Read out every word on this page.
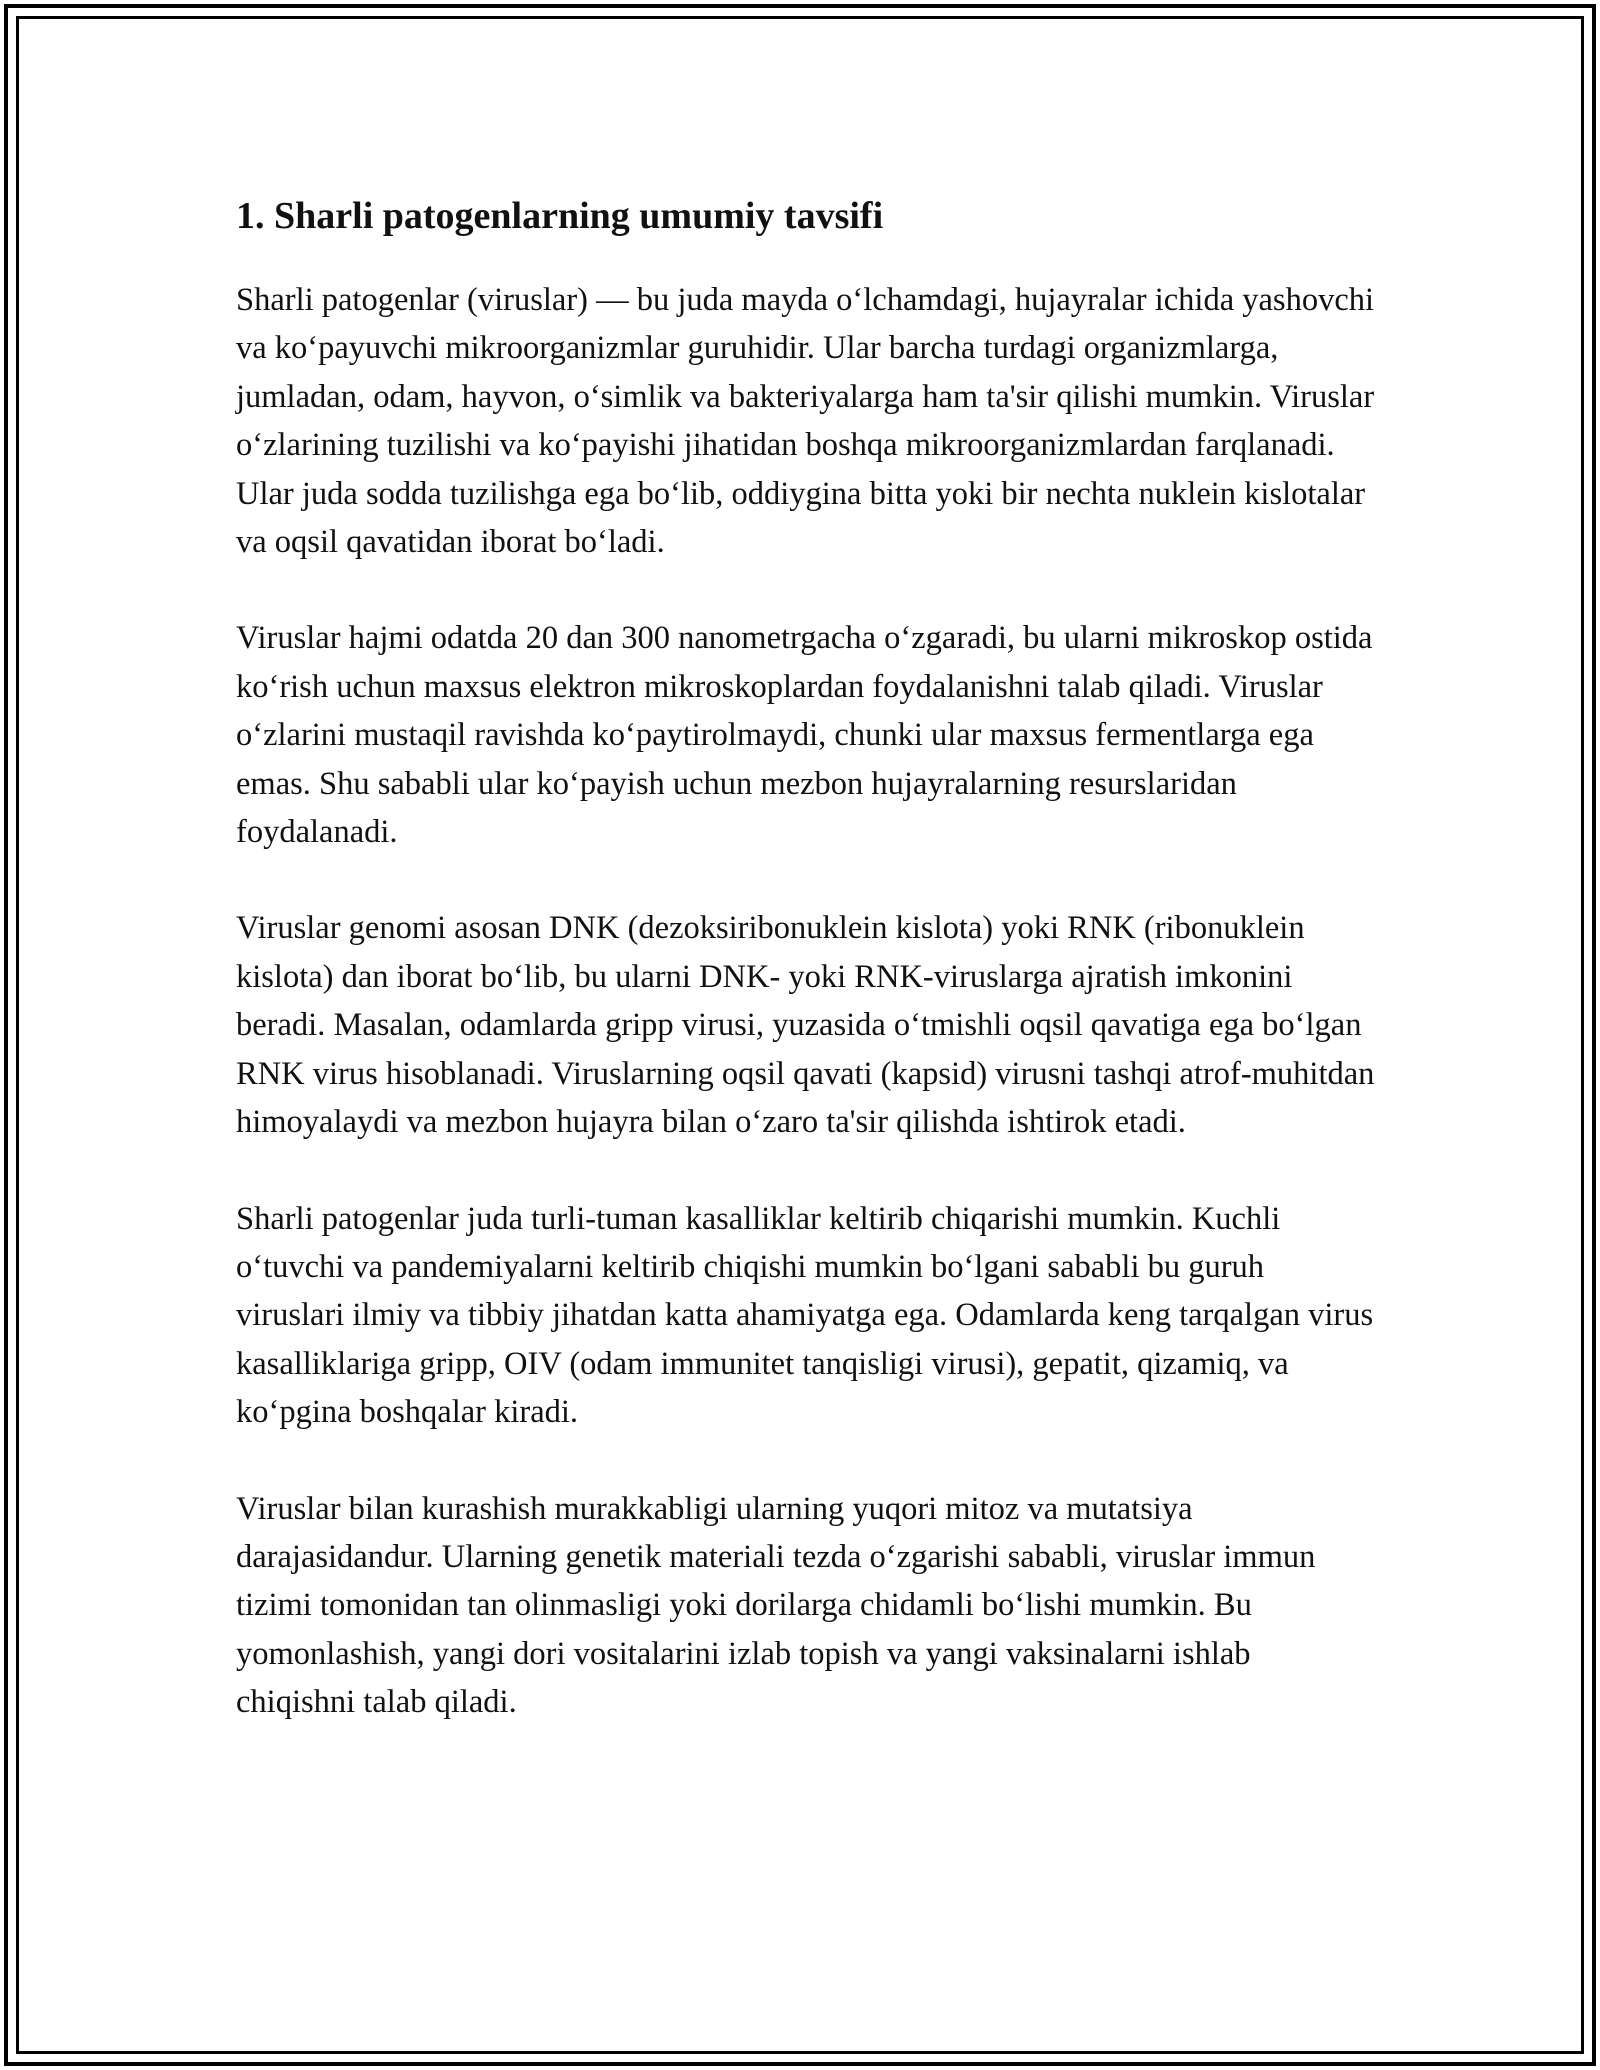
1. Sharli patogenlarning umumiy tavsifi

Sharli patogenlar (viruslar) — bu juda mayda o‘lchamdagi, hujayralar ichida yashovchi va ko‘payuvchi mikroorganizmlar guruhidir. Ular barcha turdagi organizmlarga, jumladan, odam, hayvon, o‘simlik va bakteriyalarga ham ta'sir qilishi mumkin. Viruslar o‘zlarining tuzilishi va ko‘payishi jihatidan boshqa mikroorganizmlardan farqlanadi. Ular juda sodda tuzilishga ega bo‘lib, oddiygina bitta yoki bir nechta nuklein kislotalar va oqsil qavatidan iborat bo‘ladi.

Viruslar hajmi odatda 20 dan 300 nanometrgacha o‘zgaradi, bu ularni mikroskop ostida ko‘rish uchun maxsus elektron mikroskoplardan foydalanishni talab qiladi. Viruslar o‘zlarini mustaqil ravishda ko‘paytirolmaydi, chunki ular maxsus fermentlarga ega emas. Shu sababli ular ko‘payish uchun mezbon hujayralarning resurslaridan foydalanadi.

Viruslar genomi asosan DNK (dezoksiribonuklein kislota) yoki RNK (ribonuklein kislota) dan iborat bo‘lib, bu ularni DNK- yoki RNK-viruslarga ajratish imkonini beradi. Masalan, odamlarda gripp virusi, yuzasida o‘tmishli oqsil qavatiga ega bo‘lgan RNK virus hisoblanadi. Viruslarning oqsil qavati (kapsid) virusni tashqi atrof-muhitdan himoyalaydi va mezbon hujayra bilan o‘zaro ta'sir qilishda ishtirok etadi.

Sharli patogenlar juda turli-tuman kasalliklar keltirib chiqarishi mumkin. Kuchli o‘tuvchi va pandemiyalarni keltirib chiqishi mumkin bo‘lgani sababli bu guruh viruslari ilmiy va tibbiy jihatdan katta ahamiyatga ega. Odamlarda keng tarqalgan virus kasalliklariga gripp, OIV (odam immunitet tanqisligi virusi), gepatit, qizamiq, va ko‘pgina boshqalar kiradi.

Viruslar bilan kurashish murakkabligi ularning yuqori mitoz va mutatsiya darajasidandur. Ularning genetik materiali tezda o‘zgarishi sababli, viruslar immun tizimi tomonidan tan olinmasligi yoki dorilarga chidamli bo‘lishi mumkin. Bu yomonlashish, yangi dori vositalarini izlab topish va yangi vaksinalarni ishlab chiqishni talab qiladi.
